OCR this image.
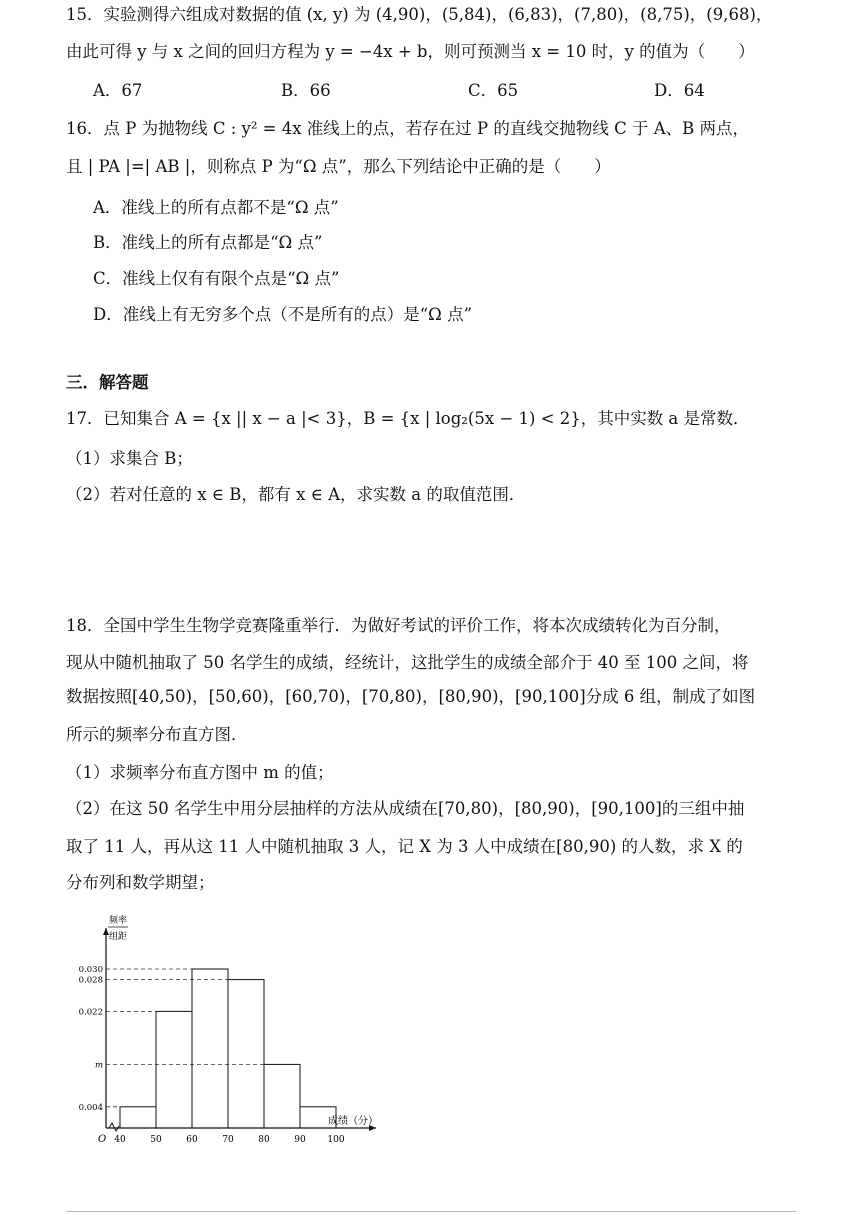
15．实验测得六组成对数据的值 (x, y) 为 (4,90)，(5,84)，(6,83)，(7,80)，(8,75)，(9,68)，
由此可得 y 与 x 之间的回归方程为 y = −4x + b，则可预测当 x = 10 时，y 的值为（　　）
A．67	B．66	C．65	D．64
16．点 P 为抛物线 C : y² = 4x 准线上的点，若存在过 P 的直线交抛物线 C 于 A、B 两点，
且 | PA |=| AB |，则称点 P 为“Ω 点”，那么下列结论中正确的是（　　）
A．准线上的所有点都不是“Ω 点”
B．准线上的所有点都是“Ω 点”
C．准线上仅有有限个点是“Ω 点”
D．准线上有无穷多个点（不是所有的点）是“Ω 点”
三．解答题
17．已知集合 A = {x || x − a |< 3}，B = {x | log₂(5x − 1) < 2}，其中实数 a 是常数．
（1）求集合 B；
（2）若对任意的 x ∈ B，都有 x ∈ A，求实数 a 的取值范围．
18．全国中学生生物学竞赛隆重举行．为做好考试的评价工作，将本次成绩转化为百分制，
现从中随机抽取了 50 名学生的成绩，经统计，这批学生的成绩全部介于 40 至 100 之间，将
数据按照[40,50)，[50,60)，[60,70)，[70,80)，[80,90)，[90,100]分成 6 组，制成了如图
所示的频率分布直方图．
（1）求频率分布直方图中 m 的值；
（2）在这 50 名学生中用分层抽样的方法从成绩在[70,80)，[80,90)，[90,100]的三组中抽
取了 11 人，再从这 11 人中随机抽取 3 人，记 X 为 3 人中成绩在[80,90) 的人数，求 X 的
分布列和数学期望；
频率
组距
0.004
m
0.022
0.028
0.030
40	50	60	70	80	90 100
O
成绩（分）
